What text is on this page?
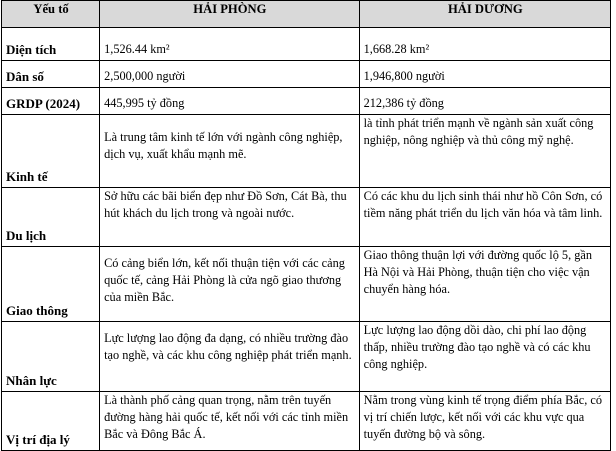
Yếu tố	HẢI PHÒNG	HẢI DƯƠNG
Diện tích	1,526.44 km²	1,668.28 km²
Dân số	2,500,000 người	1,946,800 người
GRDP (2024)	445,995 tỷ đồng	212,386 tỷ đồng
Kinh tế	Là trung tâm kinh tế lớn với ngành công nghiệp, dịch vụ, xuất khẩu mạnh mẽ.	là tỉnh phát triển mạnh về ngành sản xuất công nghiệp, nông nghiệp và thủ công mỹ nghệ.
Du lịch	Sở hữu các bãi biển đẹp như Đồ Sơn, Cát Bà, thu hút khách du lịch trong và ngoài nước.	Có các khu du lịch sinh thái như hồ Côn Sơn, có tiềm năng phát triển du lịch văn hóa và tâm linh.
Giao thông	Có cảng biển lớn, kết nối thuận tiện với các cảng quốc tế, cảng Hải Phòng là cửa ngõ giao thương của miền Bắc.	Giao thông thuận lợi với đường quốc lộ 5, gần Hà Nội và Hải Phòng, thuận tiện cho việc vận chuyển hàng hóa.
Nhân lực	Lực lượng lao động đa dạng, có nhiều trường đào tạo nghề, và các khu công nghiệp phát triển mạnh.	Lực lượng lao động dồi dào, chi phí lao động thấp, nhiều trường đào tạo nghề và có các khu công nghiệp.
Vị trí địa lý	Là thành phố cảng quan trọng, nằm trên tuyến đường hàng hải quốc tế, kết nối với các tỉnh miền Bắc và Đông Bắc Á.	Nằm trong vùng kinh tế trọng điểm phía Bắc, có vị trí chiến lược, kết nối với các khu vực qua tuyến đường bộ và sông.
